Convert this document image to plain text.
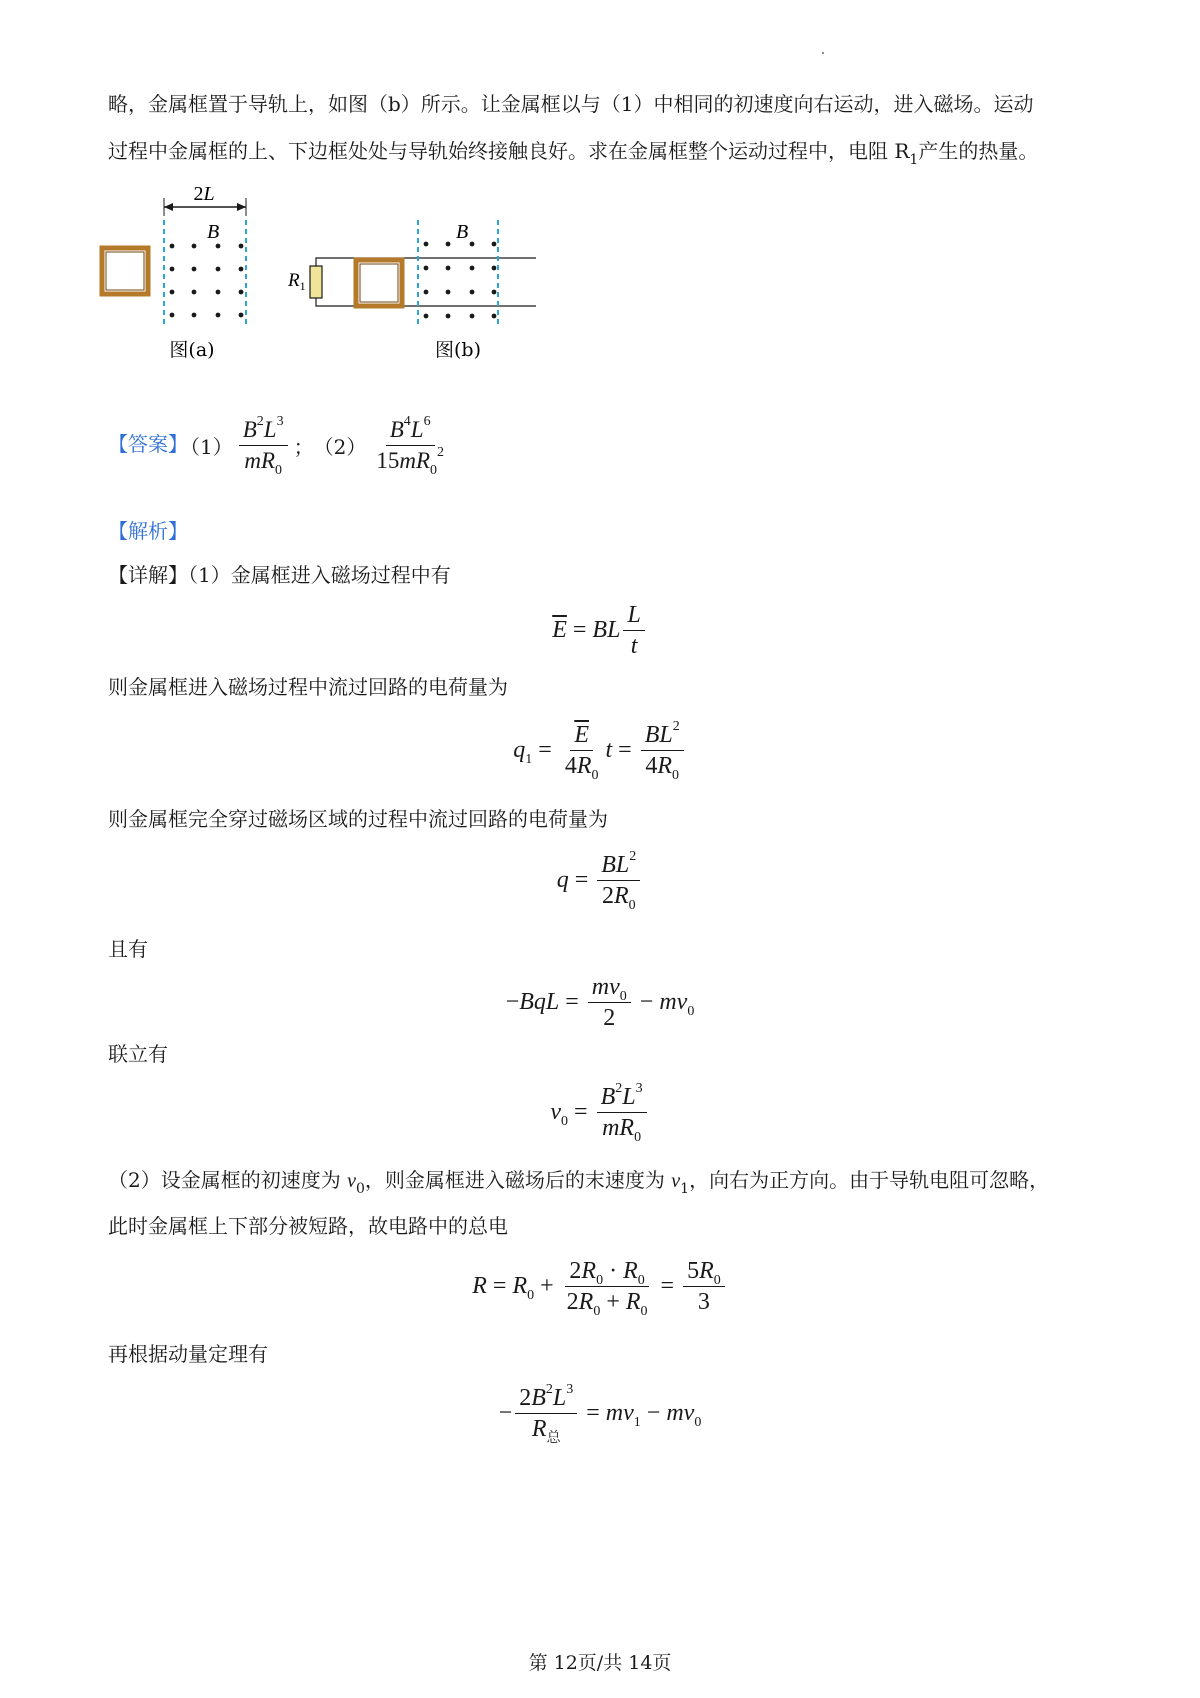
略，金属框置于导轨上，如图（b）所示。让金属框以与（1）中相同的初速度向右运动，进入磁场。运动
过程中金属框的上、下边框处处与导轨始终接触良好。求在金属框整个运动过程中，电阻 $R_1$产生的热量。
2L
B
图(a)
$R_1$
B
图(b)
【答案】
$(1) \frac{B^2L^3}{mR_0}$ ； $(2) \frac{B^4L^6}{15mR_0^2}$
【解析】
【详解】（1）金属框进入磁场过程中有
$\overline{E}$ = BL $\frac{L}{t}$
则金属框进入磁场过程中流过回路的电荷量为
$q_1 = \frac{\overline{E}}{4R_0}$ $t = \frac{BL^2}{4R_0}$
则金属框完全穿过磁场区域的过程中流过回路的电荷量为
$q = \frac{BL^2}{2R_0}$
且有
− BqL = $\frac{mv_0}{2} - mv_0$
联立有
$v_0 = \frac{B^2L^3}{mR_0}$
（2）设金属框的初速度为 $v_0$，则金属框进入磁场后的末速度为 $v_1$，向右为正方向。由于导轨电阻可忽略，
此时金属框上下部分被短路，故电路中的总电
$R = R_0 + \frac{2R_0 \cdot R_0}{2R_0 + R_0} = \frac{5R_0}{3}$
再根据动量定理有
− $\frac{2B^2L^3}{R_总} = mv_1 - mv_0$
第 12页/共 14页
